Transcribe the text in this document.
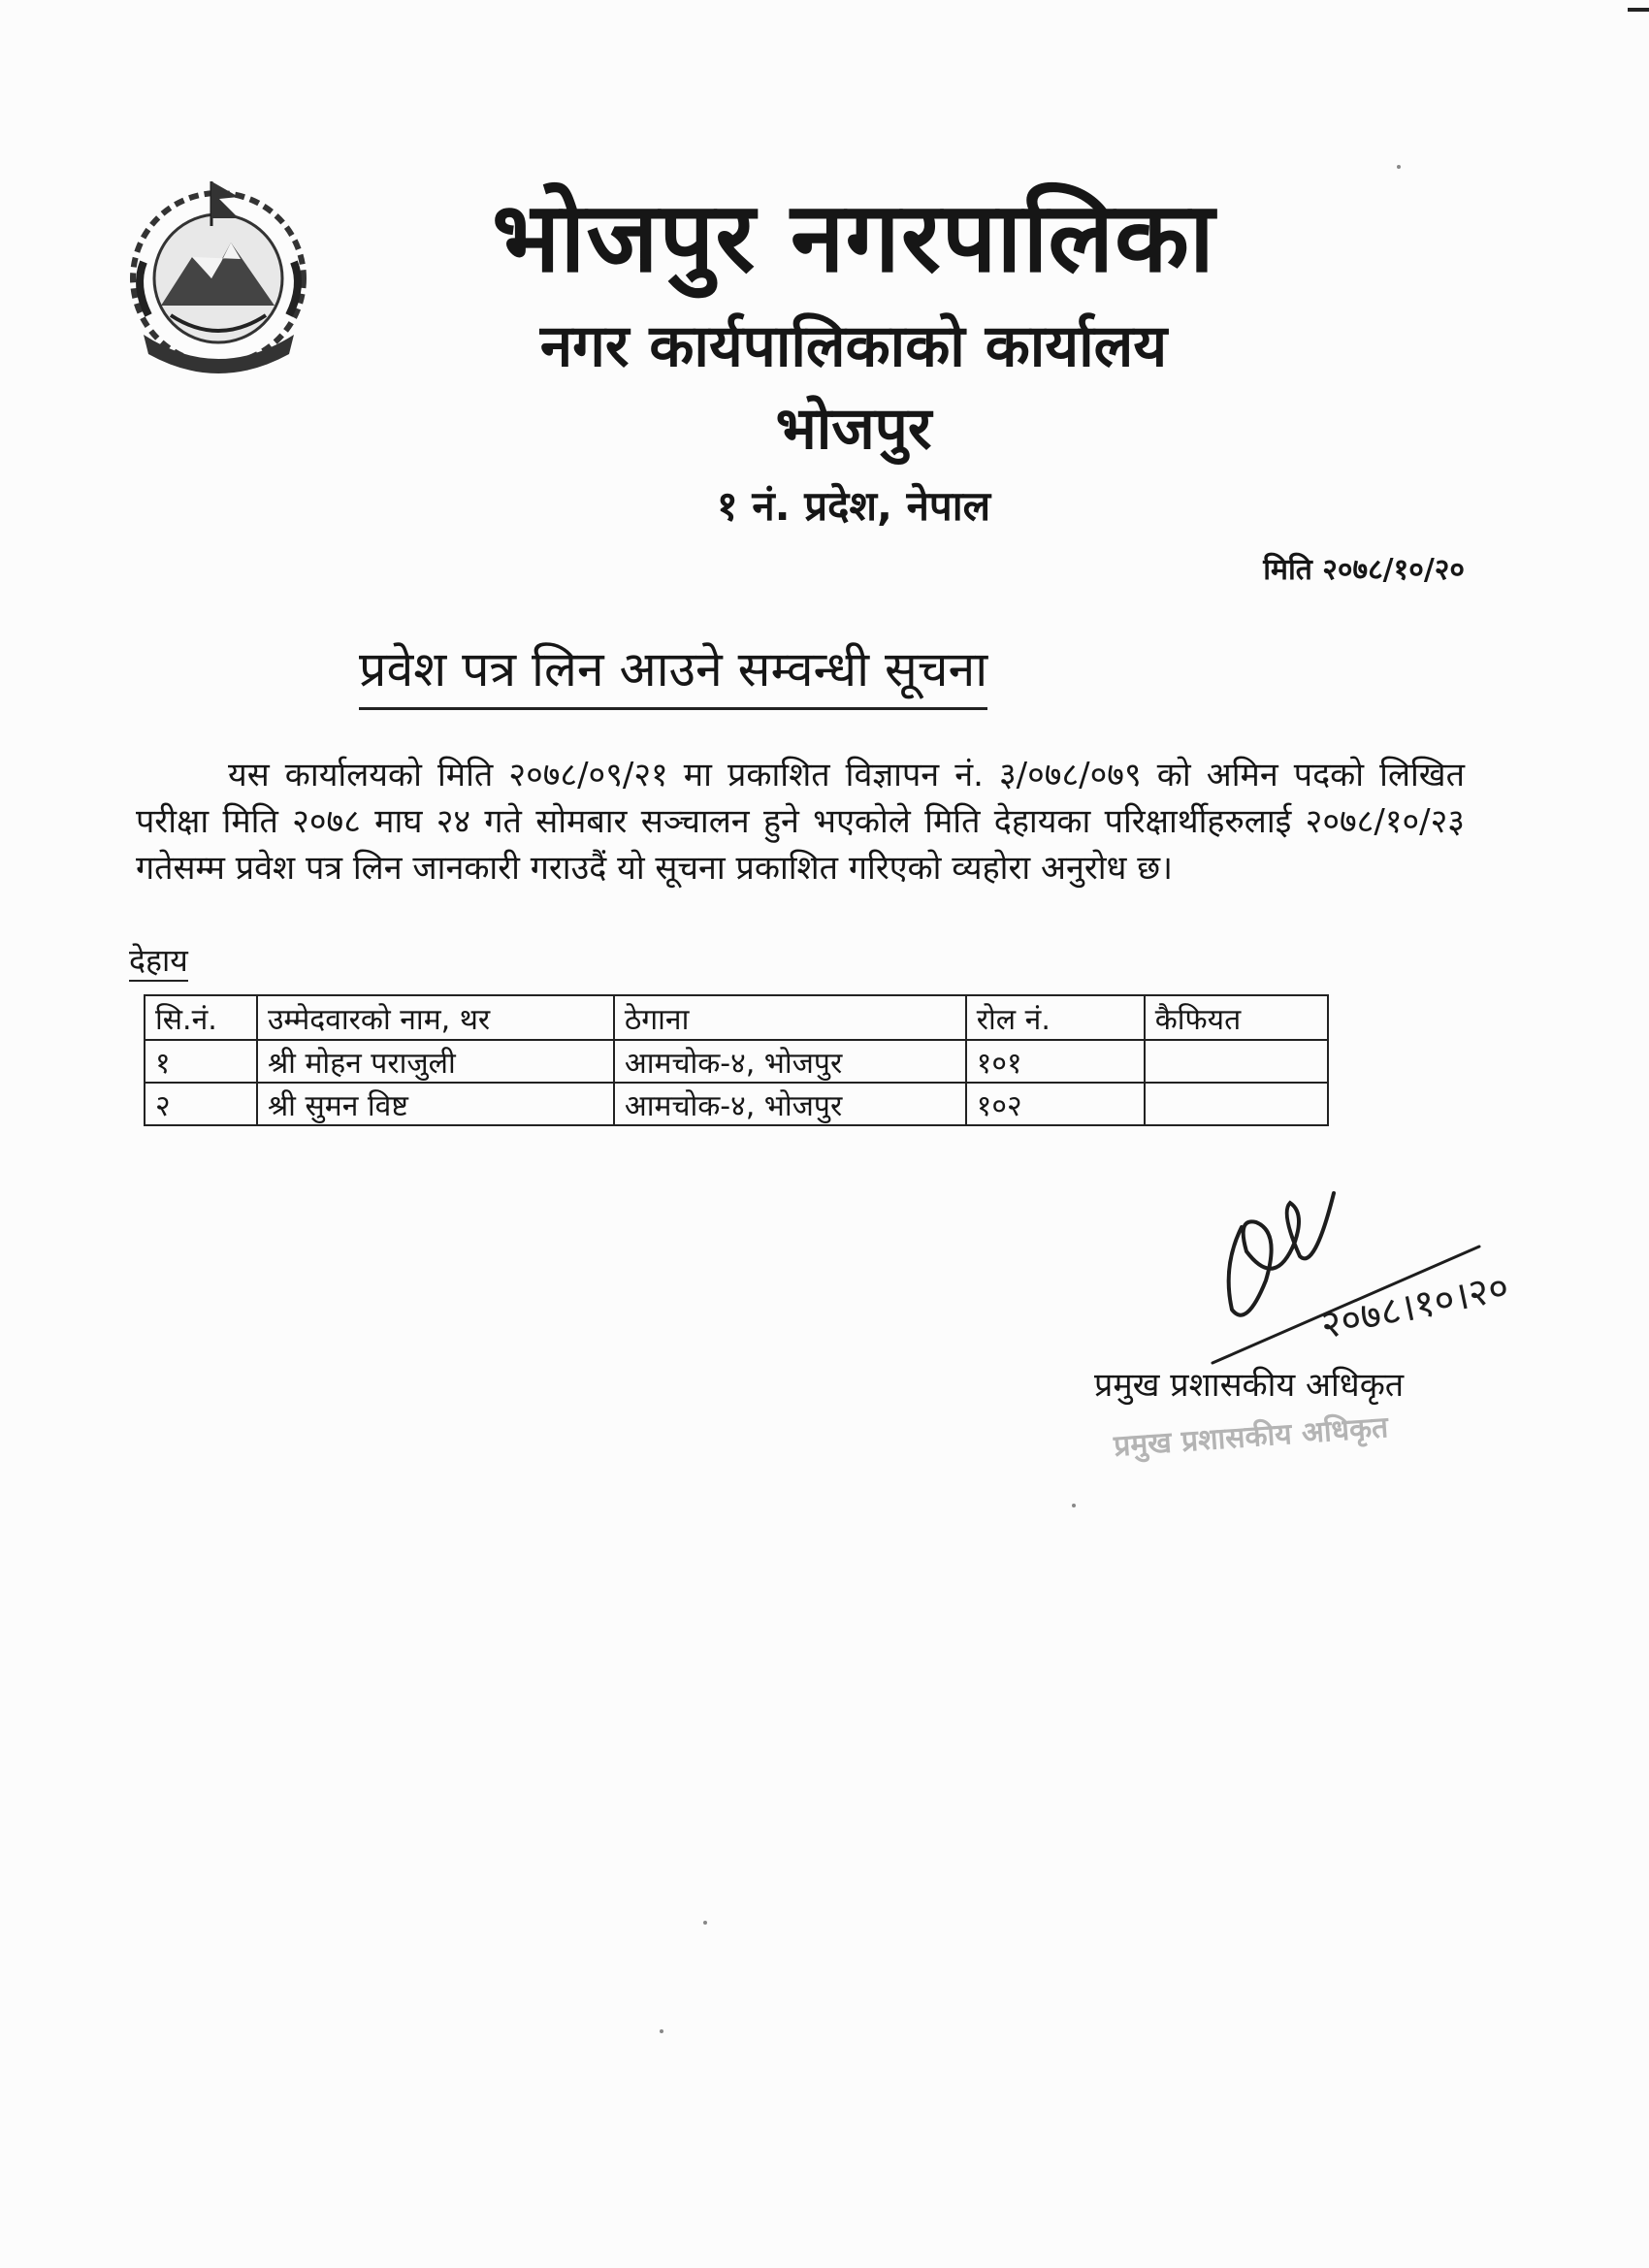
भोजपुर नगरपालिका
नगर कार्यपालिकाको कार्यालय
भोजपुर
१ नं. प्रदेश, नेपाल
मिति २०७८/१०/२०
प्रवेश पत्र लिन आउने सम्वन्धी सूचना
यस कार्यालयको मिति २०७८/०९/२१ मा प्रकाशित विज्ञापन नं. ३/०७८/०७९ को अमिन पदको लिखित परीक्षा मिति २०७८ माघ २४ गते सोमबार सञ्चालन हुने भएकोले मिति देहायका परिक्षार्थीहरुलाई २०७८/१०/२३ गतेसम्म प्रवेश पत्र लिन जानकारी गराउदैं यो सूचना प्रकाशित गरिएको व्यहोरा अनुरोध छ।
देहाय
सि.नं.	उम्मेदवारको नाम, थर	ठेगाना	रोल नं.	कैफियत
१	श्री मोहन पराजुली	आमचोक-४, भोजपुर	१०१	
२	श्री सुमन विष्ट	आमचोक-४, भोजपुर	१०२	
२०७८।१०।२०
प्रमुख प्रशासकीय अधिकृत
प्रमुख प्रशासकीय अधिकृत
